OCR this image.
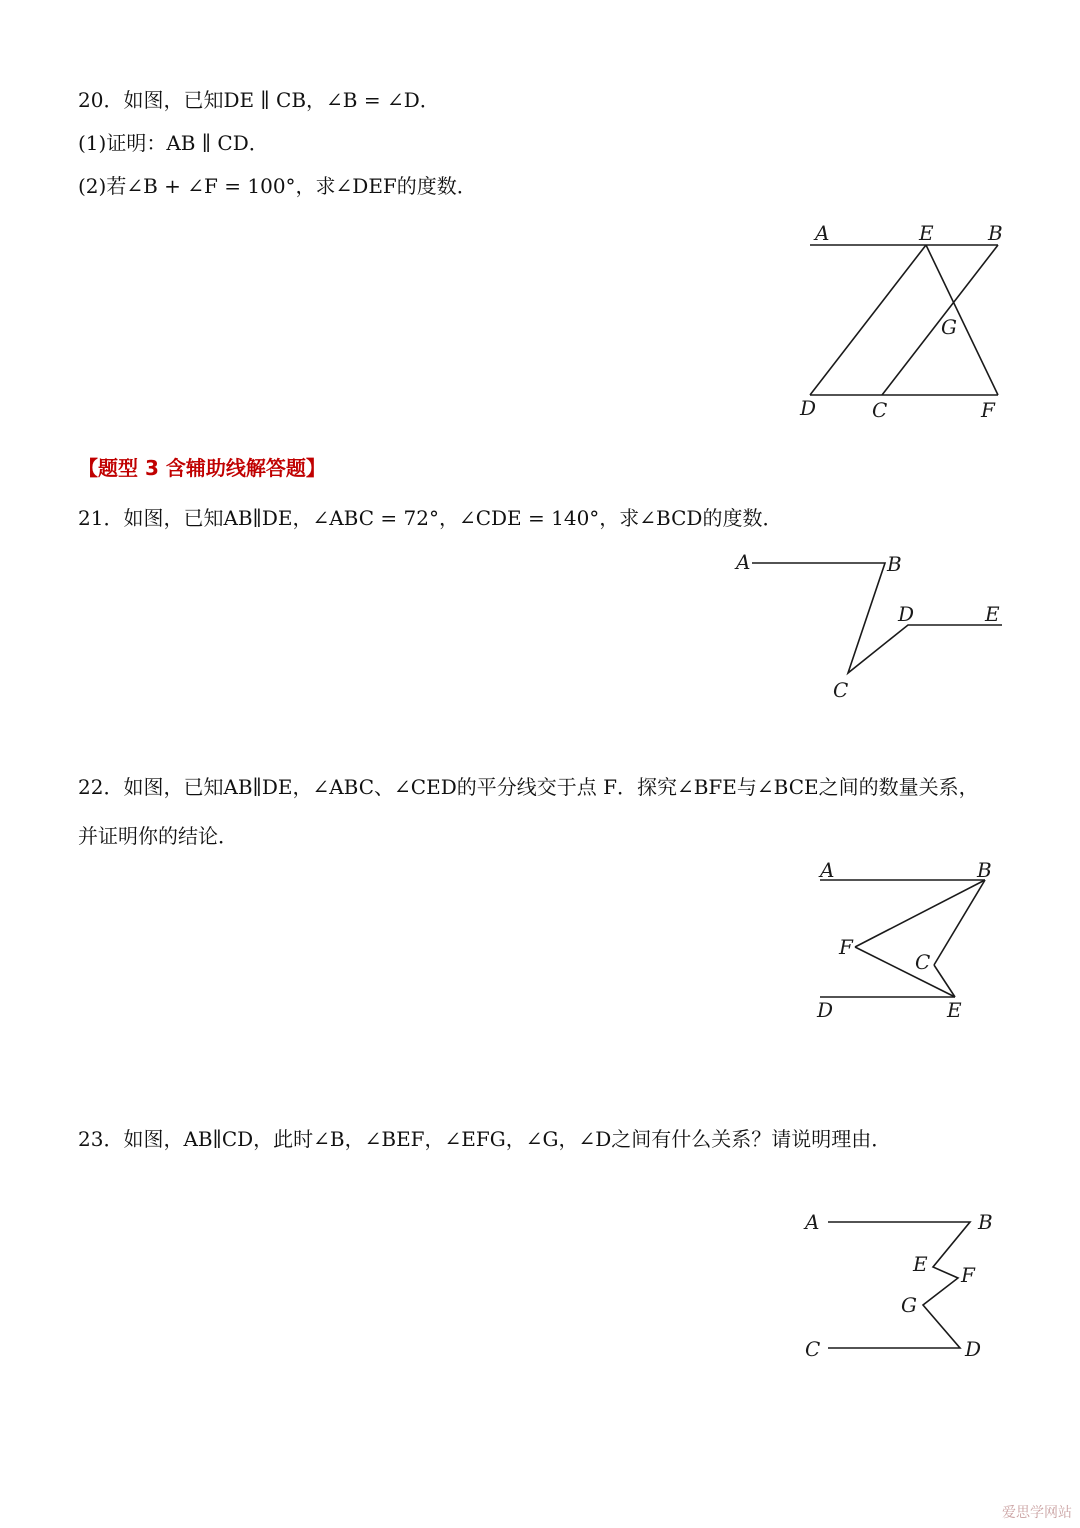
20．如图，已知DE ∥ CB，∠B = ∠D．
(1)证明：AB ∥ CD．
(2)若∠B + ∠F = 100°，求∠DEF的度数．
A	E	B
G
D	C	F
【题型 3 含辅助线解答题】
21．如图，已知AB∥DE，∠ABC = 72°，∠CDE = 140°，求∠BCD的度数．
A	B
D	E
C
22．如图，已知AB∥DE，∠ABC、∠CED的平分线交于点 F．探究∠BFE与∠BCE之间的数量关系，
并证明你的结论．
A	B
F
C
D	E
23．如图，AB∥CD，此时∠B，∠BEF，∠EFG，∠G，∠D之间有什么关系？请说明理由．
A	B
E F
G
C	D
爱思学网站
